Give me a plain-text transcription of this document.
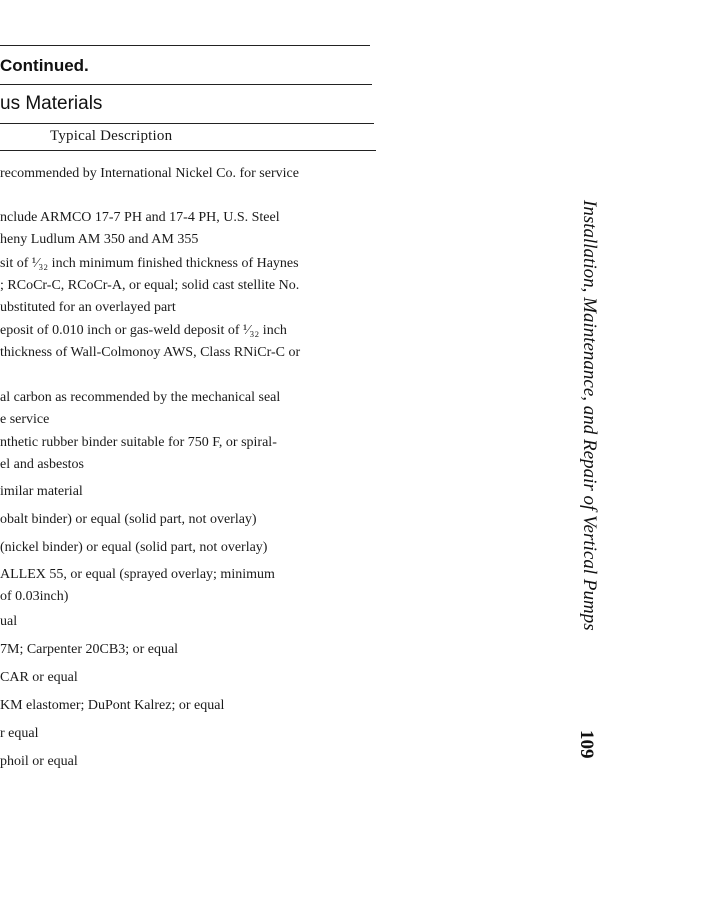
Continued.
us Materials
Typical Description

recommended by International Nickel Co. for service

nclude ARMCO 17-7 PH and 17-4 PH, U.S. Steel

heny Ludlum AM 350 and AM 355

sit of ¹⁄₃₂ inch minimum finished thickness of Haynes

; RCoCr-C, RCoCr-A, or equal; solid cast stellite No.

ubstituted for an overlayed part

eposit of 0.010 inch or gas-weld deposit of ¹⁄₃₂ inch

thickness of Wall-Colmonoy AWS, Class RNiCr-C or

al carbon as recommended by the mechanical seal

e service

nthetic rubber binder suitable for 750 F, or spiral-

el and asbestos

imilar material

obalt binder) or equal (solid part, not overlay)

(nickel binder) or equal (solid part, not overlay)

ALLEX 55, or equal (sprayed overlay; minimum

of 0.03inch)

ual

7M; Carpenter 20CB3; or equal

CAR or equal

KM elastomer; DuPont Kalrez; or equal

r equal

phoil or equal

Installation, Maintenance, and Repair of Vertical Pumps
109
